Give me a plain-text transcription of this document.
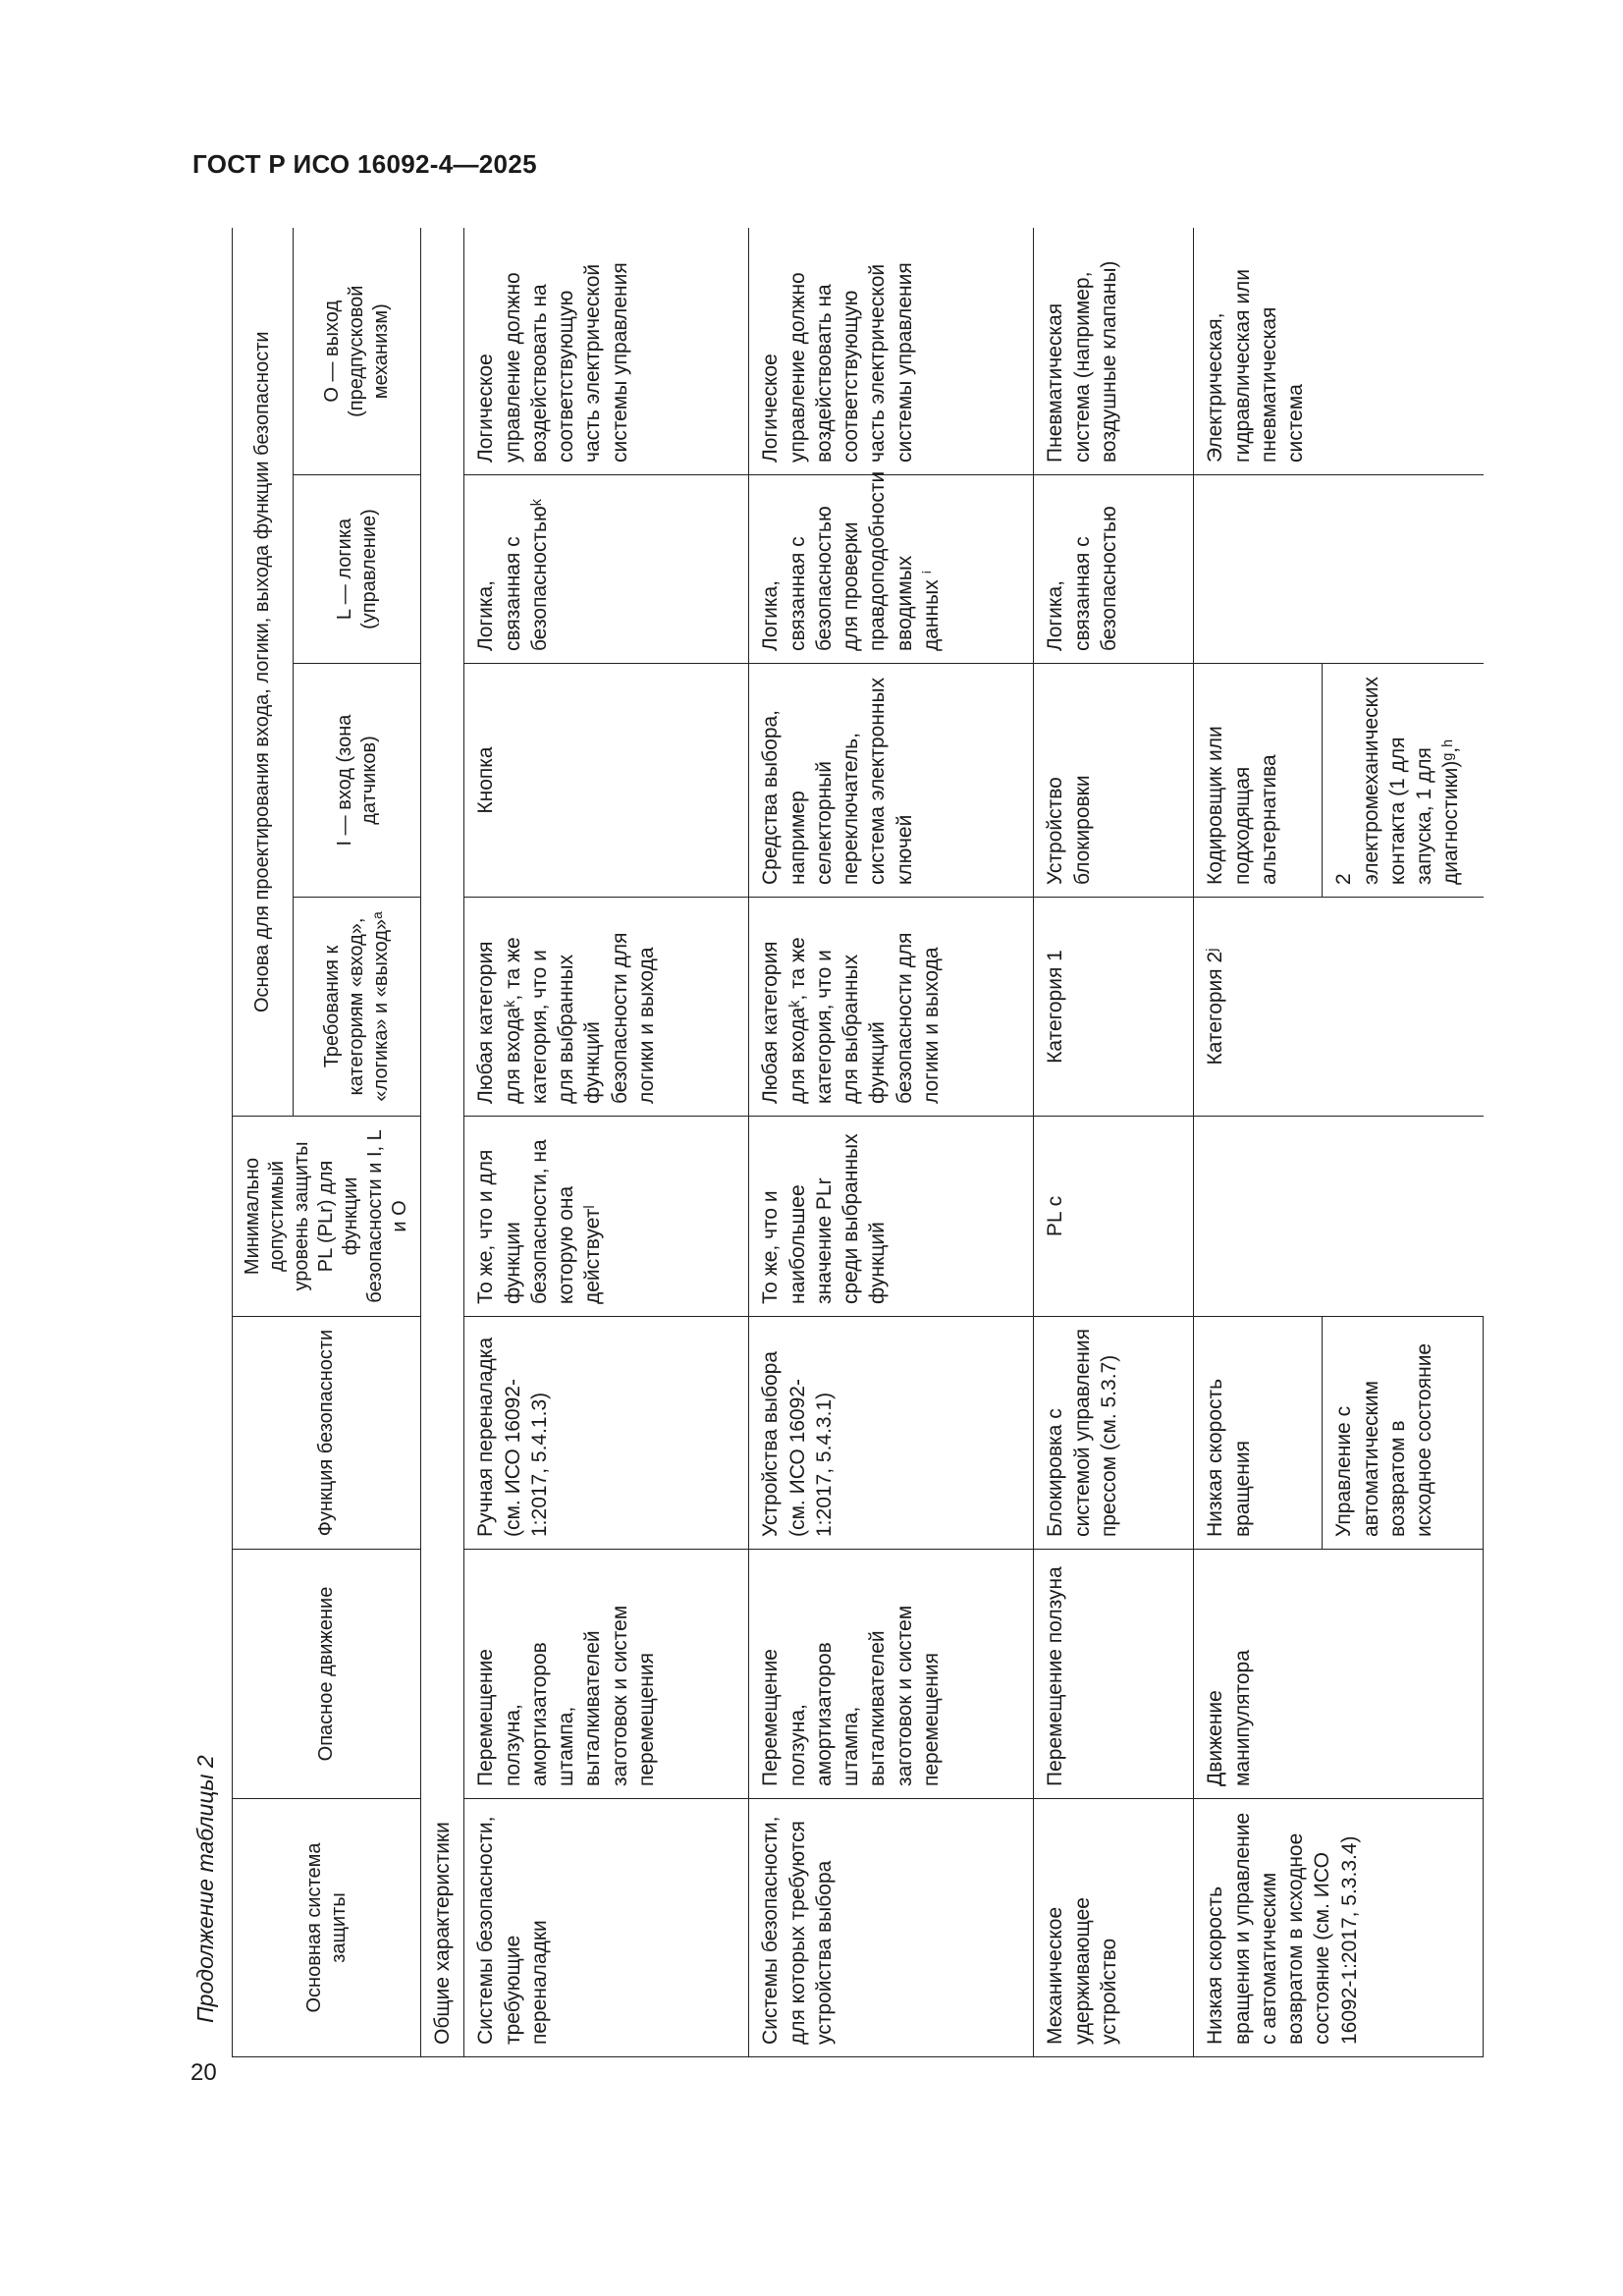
ГОСТ Р ИСО 16092-4—2025
Продолжение таблицы 2
20
Основная система защиты	Опасное движение	Функция безопасности	Минимально допустимый уровень защиты PL (PLr) для функции безопасности и I, L и O	Основа для проектирования входа, логики, выхода функции безопасности			
				Требования к категориям «вход», «логика» и «выход»ᵃ	I — вход (зона датчиков)	L — логика (управление)	O — выход (предпусковой механизм)
Общие характеристики							
Системы безопасности, требующие переналадки	Перемещение ползуна, амортизаторов штампа, выталкивателей заготовок и систем перемещения	Ручная переналадка (см. ИСО 16092-1:2017, 5.4.1.3)	То же, что и для функции безопасности, на которую она действуетˡ	Любая категория для входаᵏ, та же категория, что и для выбранных функций безопасности для логики и выхода	Кнопка	Логика, связанная с безопасностьюᵏ	Логическое управление должно воздействовать на соответствующую часть электрической системы управления
Системы безопасности, для которых требуются устройства выбора	Перемещение ползуна, амортизаторов штампа, выталкивателей заготовок и систем перемещения	Устройства выбора (см. ИСО 16092-1:2017, 5.4.3.1)	То же, что и наибольшее значение PLr среди выбранных функций	Любая категория для входаᵏ, та же категория, что и для выбранных функций безопасности для логики и выхода	Средства выбора, например селекторный переключатель, система электронных ключей	Логика, связанная с безопасностью для проверки правдоподобности вводимых данных ⁱ	Логическое управление должно воздействовать на соответствующую часть электрической системы управления
Механическое удерживающее устройство	Перемещение ползуна	Блокировка с системой управления прессом (см. 5.3.7)	PL c	Категория 1	Устройство блокировки	Логика, связанная с безопасностью	Пневматическая система (например, воздушные клапаны)
Низкая скорость вращения и управление с автоматическим возвратом в исходное состояние (см. ИСО 16092-1:2017, 5.3.3.4)	Движение манипулятора	Низкая скорость вращения		Категория 2ʲ	Кодировщик или подходящая альтернатива		Электрическая, гидравлическая или пневматическая система
		Управление с автоматическим возвратом в исходное состояние			2 электромеханических контакта (1 для запуска, 1 для диагностики)ᵍ,ʰ		
